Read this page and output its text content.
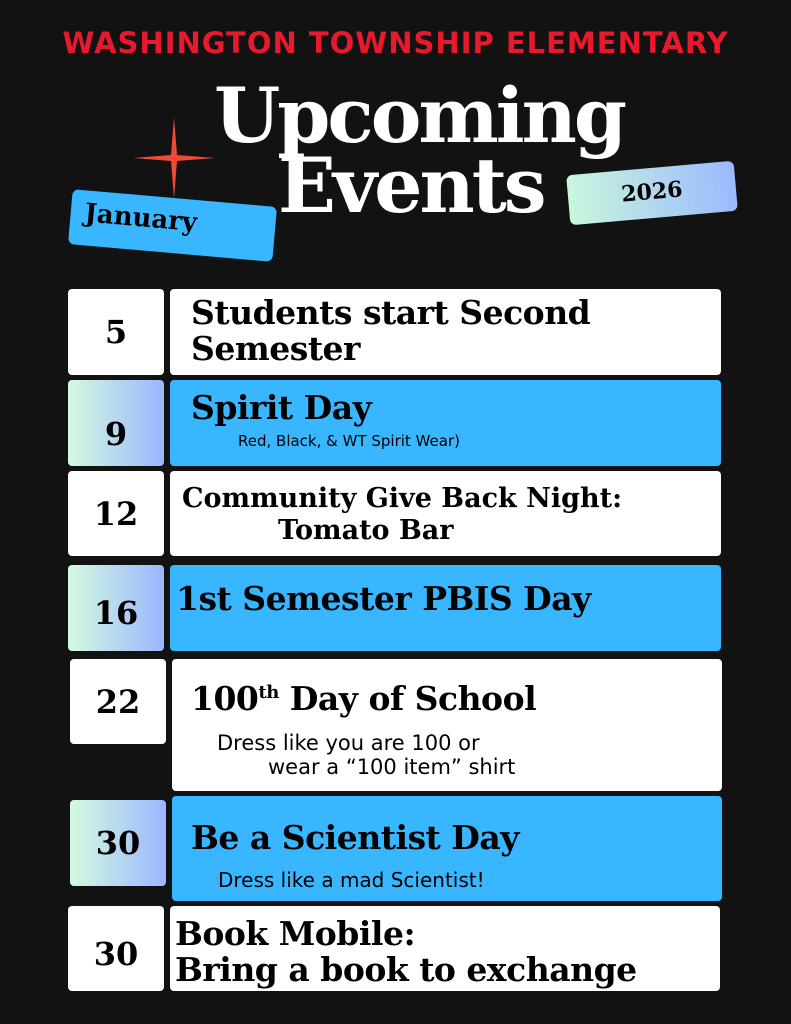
WASHINGTON TOWNSHIP ELEMENTARY
Upcoming
Events
January
2026
5	Students start Second
Semester
9
Spirit Day
Red, Black, & WT Spirit Wear)
12	Community Give Back Night:
Tomato Bar
16	1st Semester PBIS Day
22	100th Day of School
Dress like you are 100 or
wear a “100 item” shirt
30	Be a Scientist Day
Dress like a mad Scientist!
30
Book Mobile:
Bring a book to exchange
